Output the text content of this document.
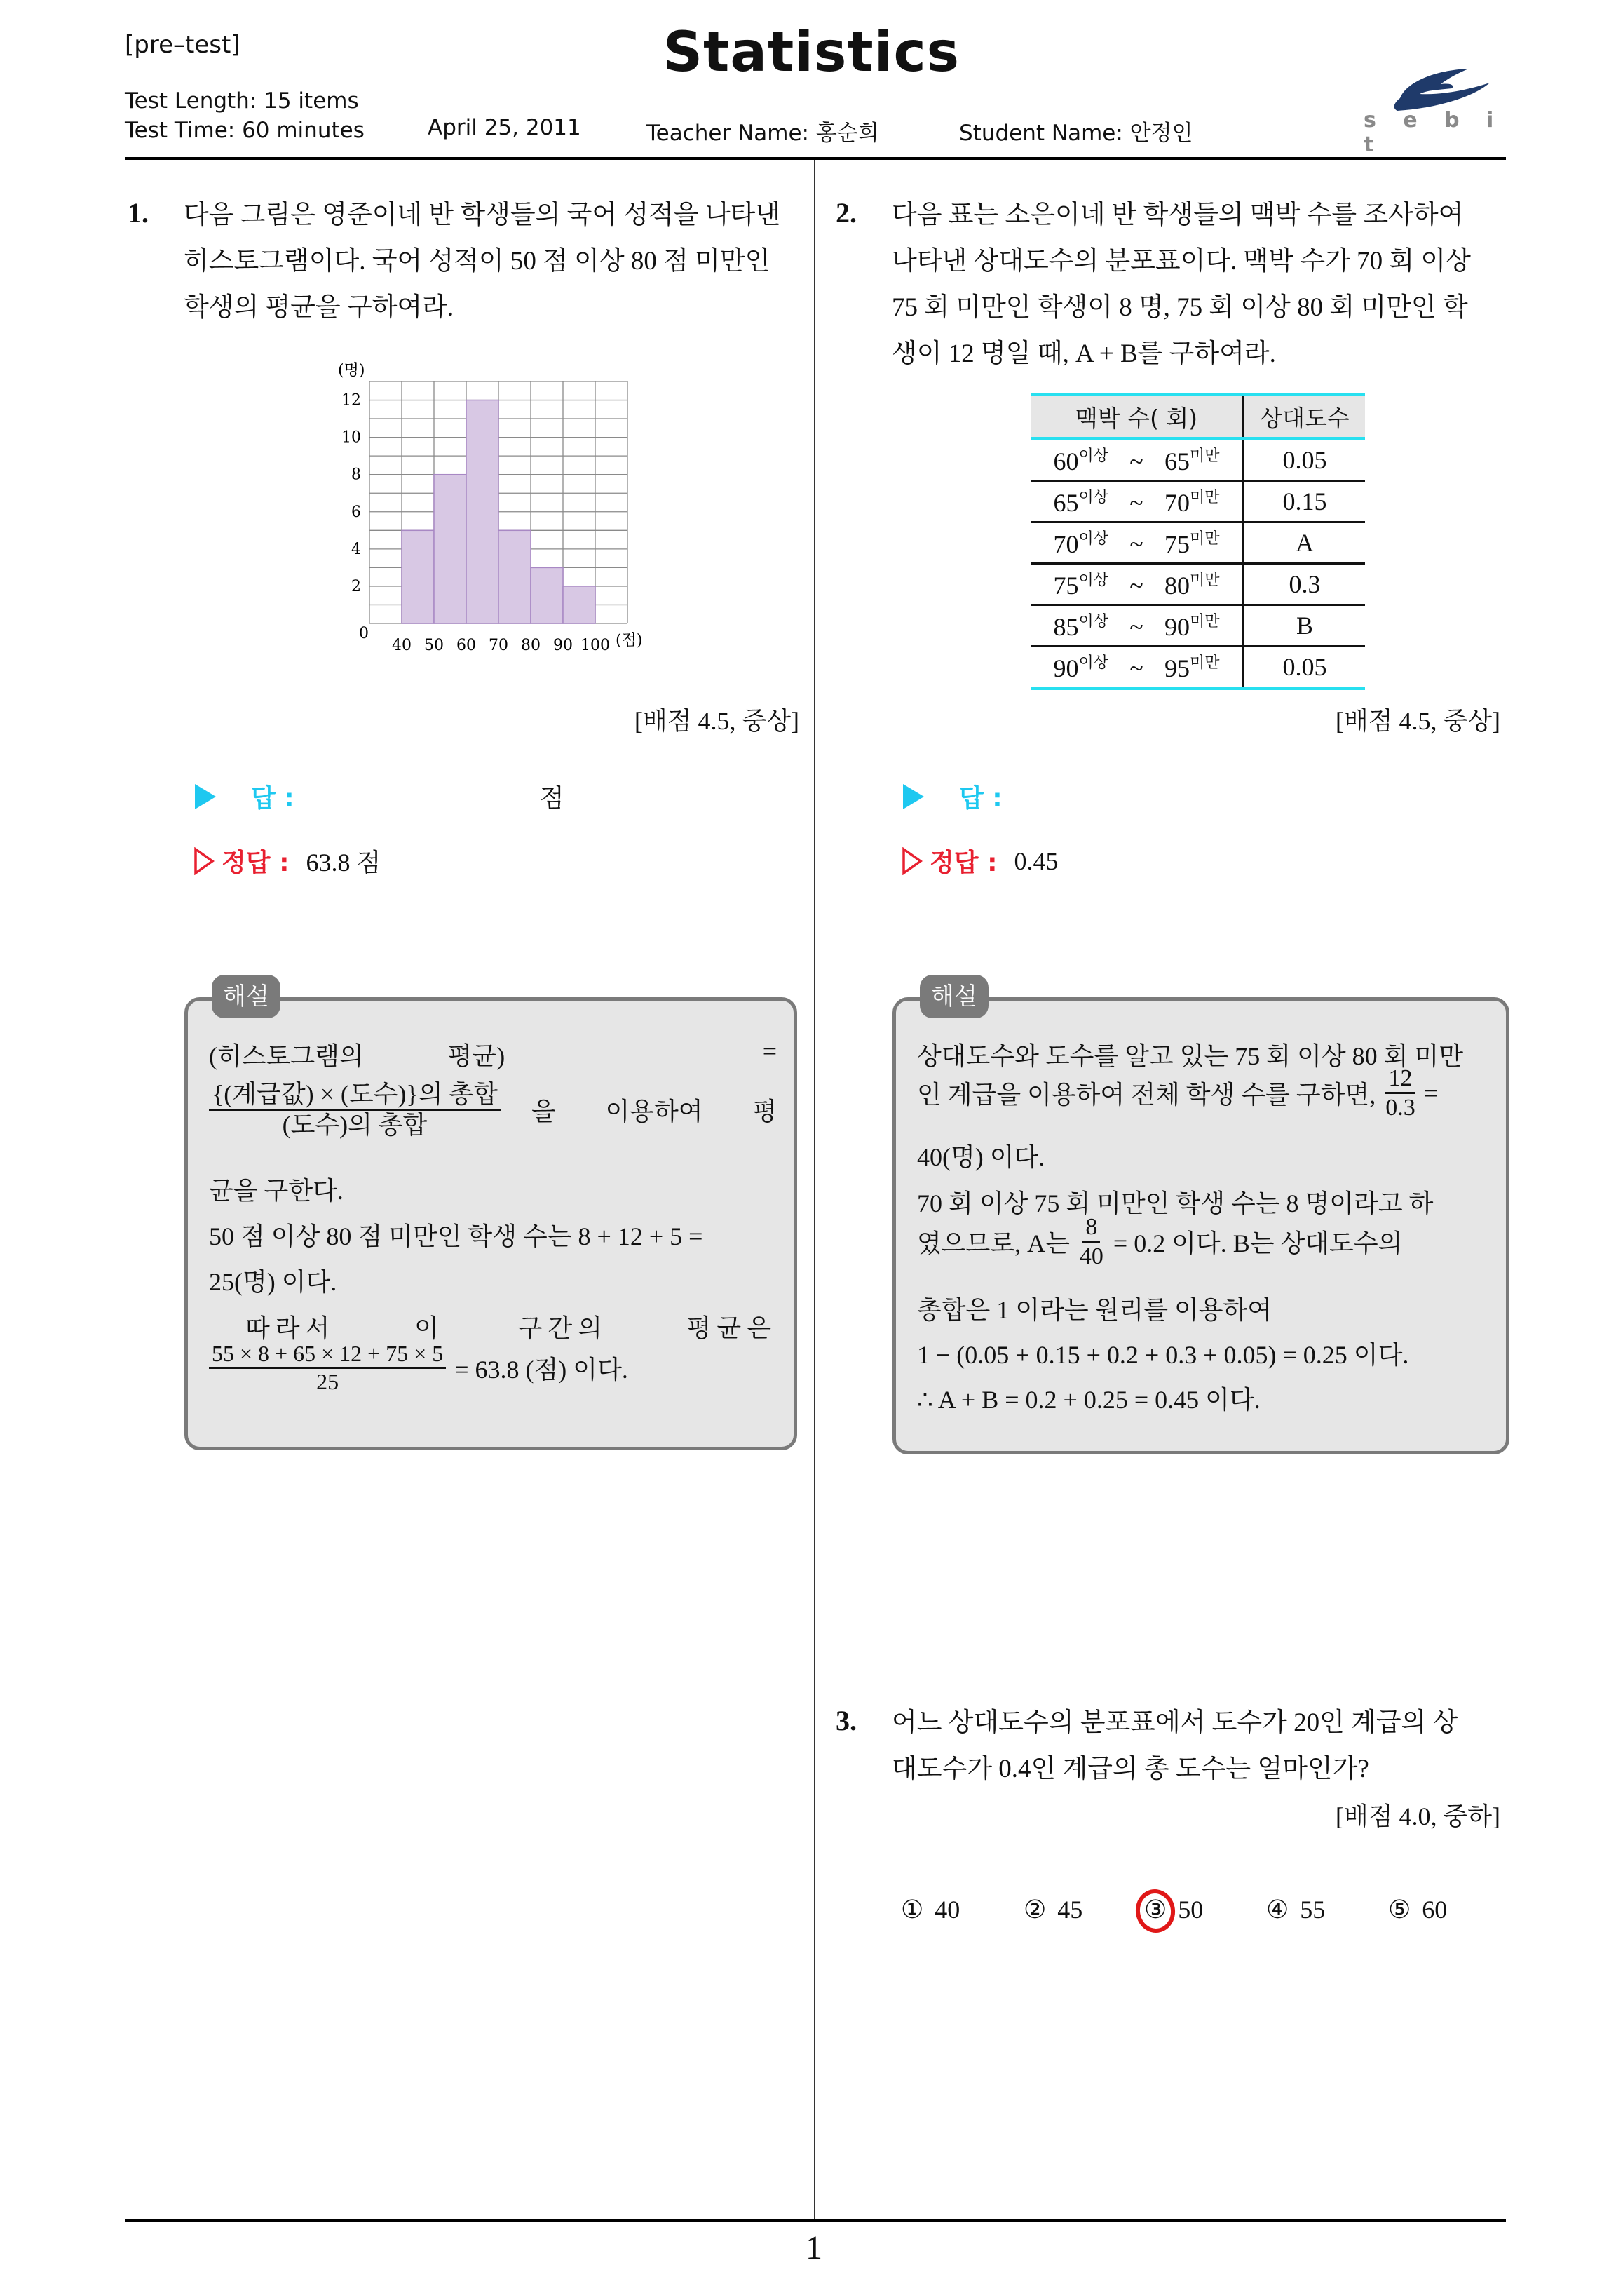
[pre–test]	Statistics
Test Length: 15 items
Test Time: 60 minutes	April 25, 2011	Teacher Name: 홍순희	Student Name: 안정인
s e b i t
1. 다음 그림은 영준이네 반 학생들의 국어 성적을 나타낸
히스토그램이다. 국어 성적이 50 점 이상 80 점 미만인
학생의 평균을 구하여라.
2
4
6
8
10
12
40 50 60 70 80 90 100
(명)
0	(점)
[배점 4.5, 중상]
답 :	점
정답 : 63.8 점
해설
(히스토그램의	평균)	=
$\frac{\text{\{(계급값) × (도수)\}의 총합}}{\text{(도수)의 총합}}$ 을 이용하여 평
균을 구한다.
50 점 이상 80 점 미만인 학생 수는 8 + 12 + 5 =
25(명) 이다.
따라서	이	구간의	평균은
$\frac{55 \times 8 + 65 \times 12 + 75 \times 5}{25} = 63.8$ (점) 이다.
2. 다음 표는 소은이네 반 학생들의 맥박 수를 조사하여
나타낸 상대도수의 분포표이다. 맥박 수가 70 회 이상
75 회 미만인 학생이 8 명, 75 회 이상 80 회 미만인 학
생이 12 명일 때, A + B를 구하여라.
맥박 수( 회)	상대도수
$60^{이상}$ ~ $65^{미만}$	0.05
$65^{이상}$ ~ $70^{미만}$	0.15
$70^{이상}$ ~ $75^{미만}$	A
$75^{이상}$ ~ $80^{미만}$	0.3
$85^{이상}$ ~ $90^{미만}$	B
$90^{이상}$ ~ $95^{미만}$	0.05
[배점 4.5, 중상]
답 :
정답 : 0.45
해설
상대도수와 도수를 알고 있는 75 회 이상 80 회 미만
인 계급을 이용하여 전체 학생 수를 구하면, $\frac{12}{0.3}$ =
40(명) 이다.
70 회 이상 75 회 미만인 학생 수는 8 명이라고 하
였으므로, A는 $\frac{8}{40} = 0.2$ 이다. B는 상대도수의
총합은 1 이라는 원리를 이용하여
1 − (0.05 + 0.15 + 0.2 + 0.3 + 0.05) = 0.25 이다.
∴ A + B = 0.2 + 0.25 = 0.45 이다.
3. 어느 상대도수의 분포표에서 도수가 20인 계급의 상
대도수가 0.4인 계급의 총 도수는 얼마인가?
[배점 4.0, 중하]
① 40	② 45 ③ 50 ④ 55 ⑤ 60
1
